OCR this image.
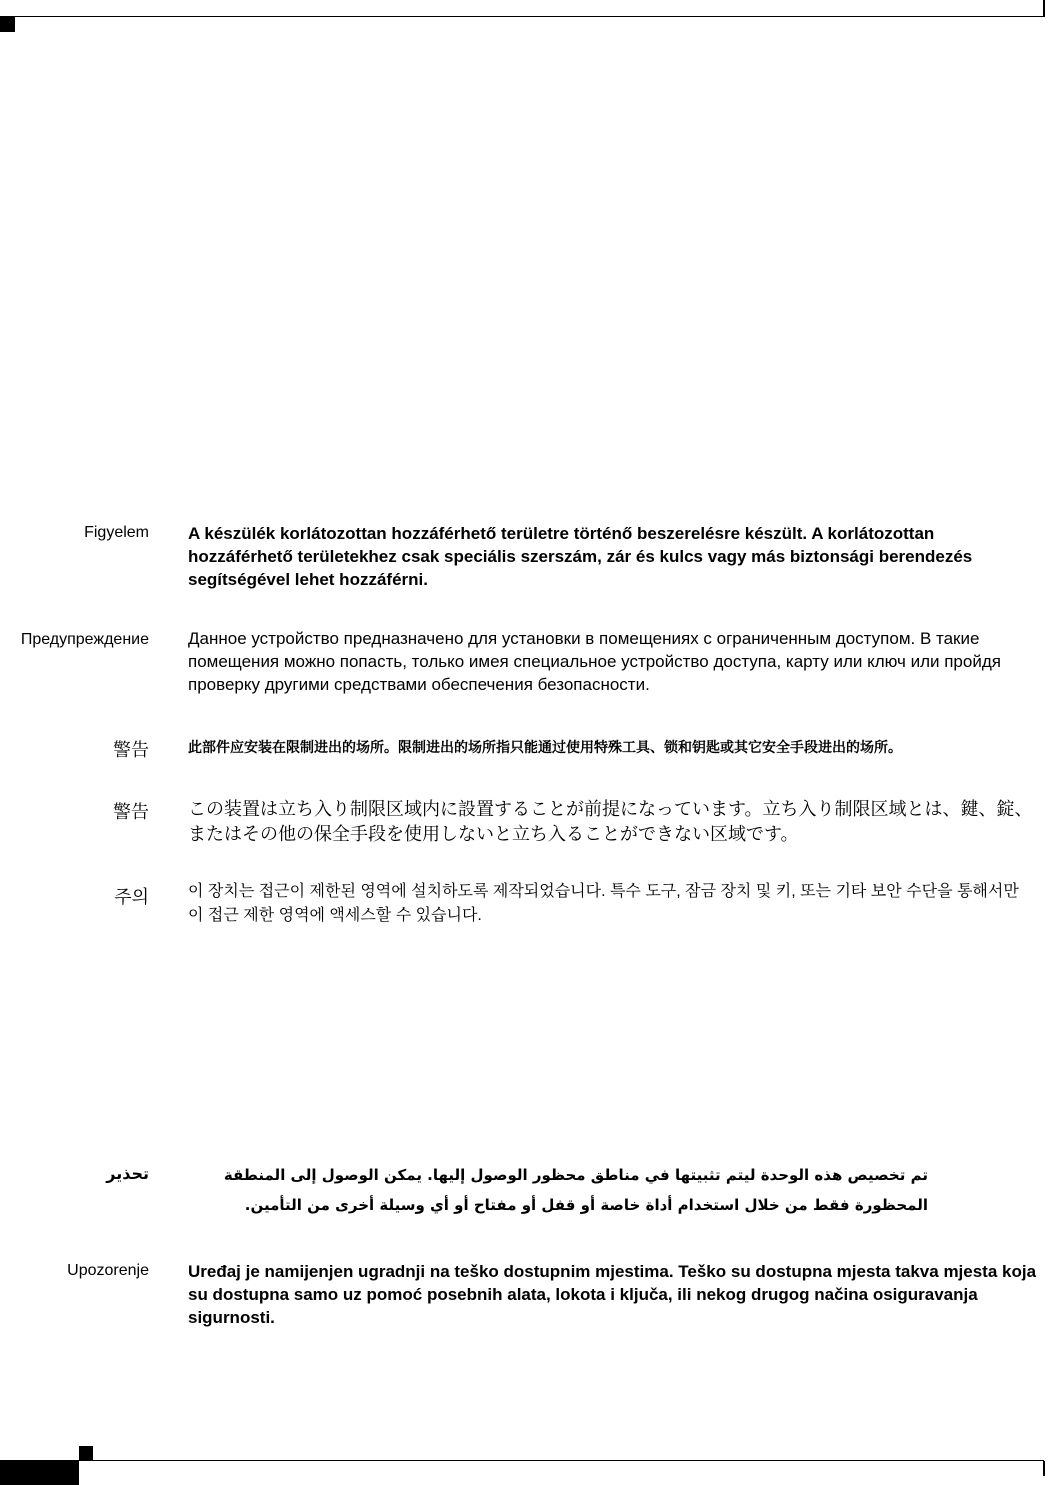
Figyelem A készülék korlátozottan hozzáférhető területre történő beszerelésre készült. A korlátozottan hozzáférhető területekhez csak speciális szerszám, zár és kulcs vagy más biztonsági berendezés segítségével lehet hozzáférni.

Предупреждение Данное устройство предназначено для установки в помещениях с ограниченным доступом. В такие помещения можно попасть, только имея специальное устройство доступа, карту или ключ или пройдя проверку другими средствами обеспечения безопасности.

警告	此部件应安装在限制进出的场所。限制进出的场所指只能通过使用特殊工具、锁和钥匙或其它安全手段进出的场所。

警告 この装置は立ち入り制限区域内に設置することが前提になっています。立ち入り制限区域とは、鍵、錠、またはその他の保全手段を使用しないと立ち入ることができない区域です。

주의 이 장치는 접근이 제한된 영역에 설치하도록 제작되었습니다. 특수 도구, 잠금 장치 및 키, 또는 기타 보안 수단을 통해서만 이 접근 제한 영역에 액세스할 수 있습니다.

تحذير	تم تخصيص هذه الوحدة ليتم تثبيتها في مناطق محظور الوصول إليها. يمكن الوصول إلى المنطقة المحظورة فقط من خلال استخدام أداة خاصة أو قفل أو مفتاح أو أي وسيلة أخرى من التأمين.

Upozorenje Uređaj je namijenjen ugradnji na teško dostupnim mjestima. Teško su dostupna mjesta takva mjesta koja su dostupna samo uz pomoć posebnih alata, lokota i ključa, ili nekog drugog načina osiguravanja sigurnosti.
